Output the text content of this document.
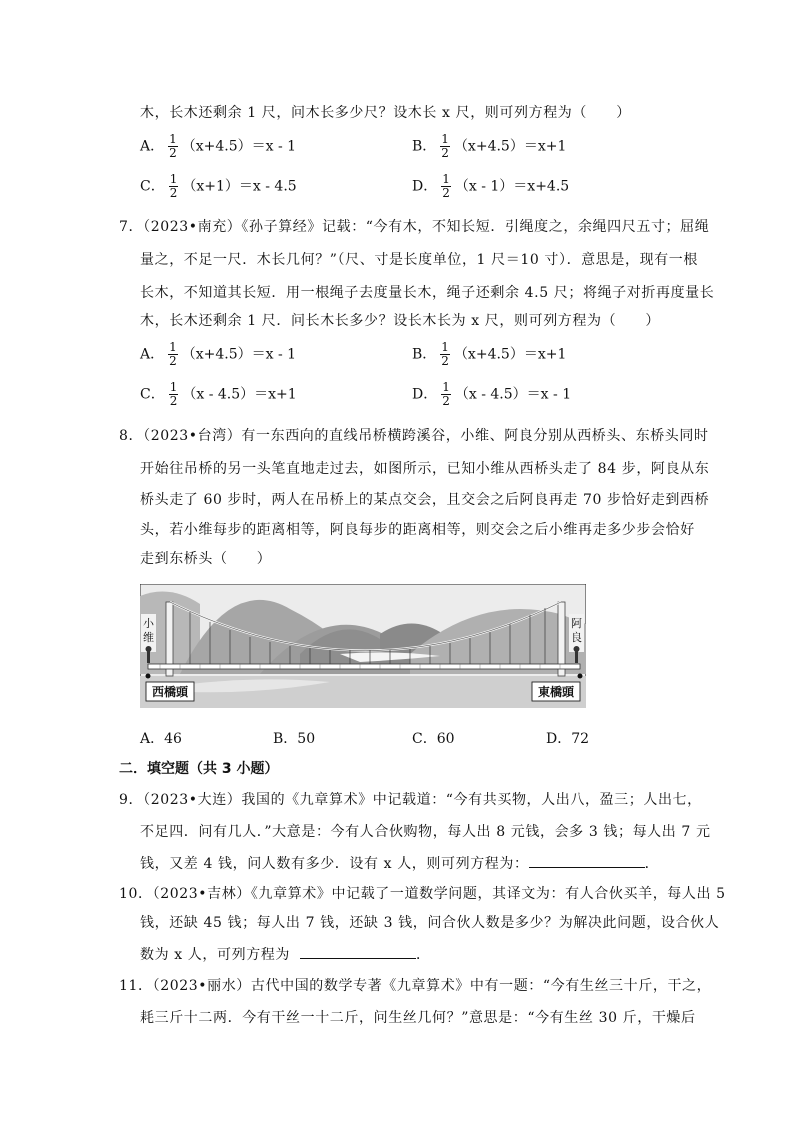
木，长木还剩余 1 尺，问木长多少尺？设木长 x 尺，则可列方程为（　　）
A． $\frac{1}{2} (x+4.5)=x - 1$	B． $\frac{1}{2} (x+4.5)=x+1$
C． $\frac{1}{2} (x+1)=x - 4.5$	D． $\frac{1}{2} (x - 1)=x+4.5$
7．（2023•南充）《孙子算经》记载：“今有木，不知长短．引绳度之，余绳四尺五寸；屈绳
量之，不足一尺．木长几何？”（尺、寸是长度单位，1 尺＝10 寸）．意思是，现有一根
长木，不知道其长短．用一根绳子去度量长木，绳子还剩余 4.5 尺；将绳子对折再度量长
木，长木还剩余 1 尺．问长木长多少？设长木长为 x 尺，则可列方程为（　　）
A． $\frac{1}{2} (x+4.5)=x - 1$	B． $\frac{1}{2} (x+4.5)=x+1$
C． $\frac{1}{2} (x - 4.5)=x+1$	D． $\frac{1}{2} (x - 4.5)=x - 1$
8．（2023•台湾）有一东西向的直线吊桥横跨溪谷，小维、阿良分别从西桥头、东桥头同时
开始往吊桥的另一头笔直地走过去，如图所示，已知小维从西桥头走了 84 步，阿良从东
桥头走了 60 步时，两人在吊桥上的某点交会，且交会之后阿良再走 70 步恰好走到西桥
头，若小维每步的距离相等，阿良每步的距离相等，则交会之后小维再走多少步会恰好
走到东桥头（　　）
小
维
阿
良
西橋頭	東橋頭
A．46	B．50	C．60	D．72
二．填空题（共 3 小题）
9．（2023•大连）我国的《九章算术》中记载道：“今有共买物，人出八，盈三；人出七，
不足四．问有几人．”大意是：今有人合伙购物，每人出 8 元钱，会多 3 钱；每人出 7 元
钱，又差 4 钱，问人数有多少．设有 x 人，则可列方程为：	．
10．（2023•吉林）《九章算术》中记载了一道数学问题，其译文为：有人合伙买羊，每人出 5
钱，还缺 45 钱；每人出 7 钱，还缺 3 钱，问合伙人数是多少？为解决此问题，设合伙人
数为 x 人，可列方程为	．
11．（2023•丽水）古代中国的数学专著《九章算术》中有一题：“今有生丝三十斤，干之，
耗三斤十二两．今有干丝一十二斤，问生丝几何？”意思是：“今有生丝 30 斤，干燥后
